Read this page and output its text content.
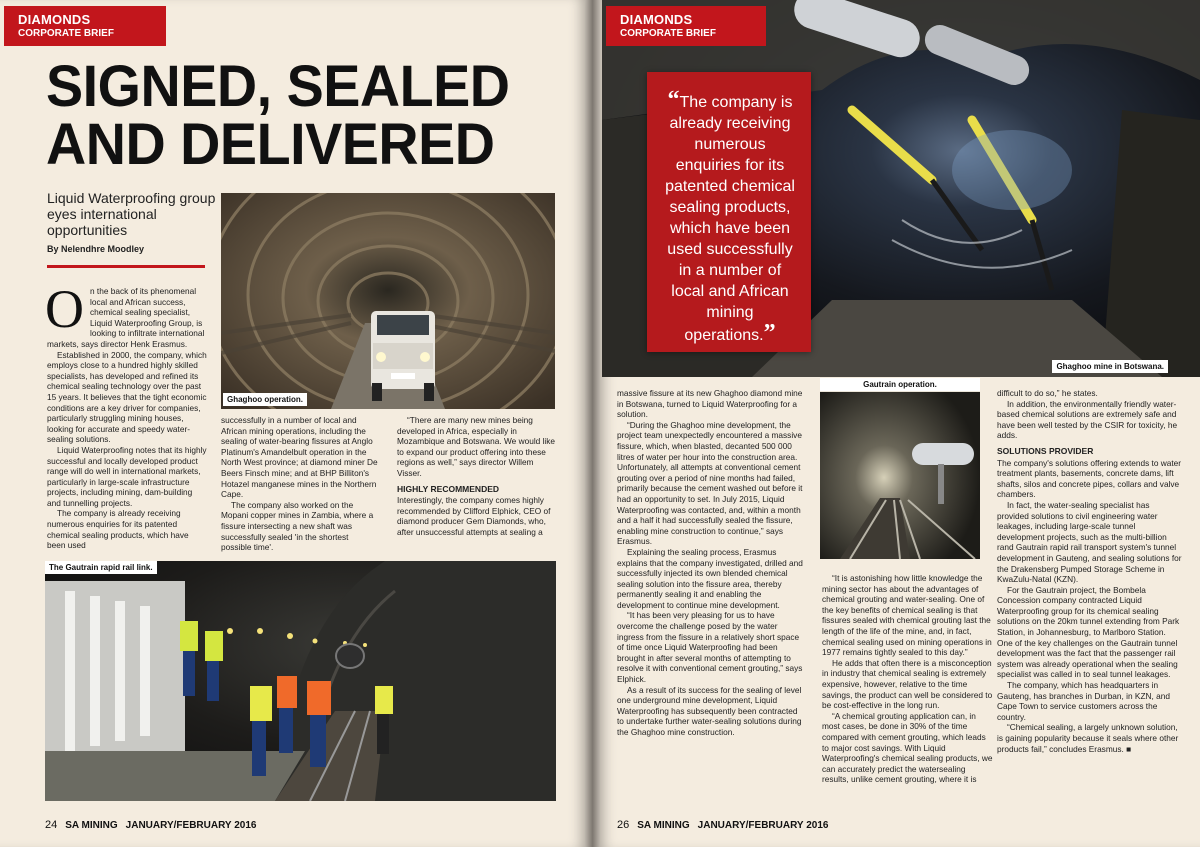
DIAMONDS
CORPORATE BRIEF
SIGNED, SEALED
AND DELIVERED
Liquid Waterproofing group eyes international opportunities
By Nelendhre Moodley
Ghaghoo operation.

On the back of its phenomenal local and African success, chemical sealing specialist, Liquid Waterproofing Group, is looking to infiltrate international markets, says director Henk Erasmus.

Established in 2000, the company, which employs close to a hundred highly skilled specialists, has developed and refined its chemical sealing technology over the past 15 years. It believes that the tight economic conditions are a key driver for companies, particularly struggling mining houses, looking for accurate and speedy water-sealing solutions.

Liquid Waterproofing notes that its highly successful and locally developed product range will do well in international markets, particularly in large-scale infrastructure projects, including mining, dam-building and tunnelling projects.

The company is already receiving numerous enquiries for its patented chemical sealing products, which have been used

successfully in a number of local and African mining operations, including the sealing of water-bearing fissures at Anglo Platinum's Amandelbult operation in the North West province; at diamond miner De Beers Finsch mine; and at BHP Billiton's Hotazel manganese mines in the Northern Cape.

The company also worked on the Mopani copper mines in Zambia, where a fissure intersecting a new shaft was successfully sealed 'in the shortest possible time'.

“There are many new mines being developed in Africa, especially in Mozambique and Botswana. We would like to expand our product offering into these regions as well,” says director Willem Visser.

HIGHLY RECOMMENDED

Interestingly, the company comes highly recommended by Clifford Elphick, CEO of diamond producer Gem Diamonds, who, after unsuccessful attempts at sealing a

The Gautrain rapid rail link.
24 SA MINING JANUARY/FEBRUARY 2016
Ghaghoo mine in Botswana.
DIAMONDS
CORPORATE BRIEF

massive fissure at its new Ghaghoo diamond mine in Botswana, turned to Liquid Waterproofing for a solution.

“During the Ghaghoo mine development, the project team unexpectedly encountered a massive fissure, which, when blasted, decanted 500 000 litres of water per hour into the construction area. Unfortunately, all attempts at conventional cement grouting over a period of nine months had failed, primarily because the cement washed out before it had an opportunity to set. In July 2015, Liquid Waterproofing was contacted, and, within a month and a half it had successfully sealed the fissure, enabling mine construction to continue,” says Erasmus.

Explaining the sealing process, Erasmus explains that the company investigated, drilled and successfully injected its own blended chemical sealing solution into the fissure area, thereby permanently sealing it and enabling the development to continue mine development.

“It has been very pleasing for us to have overcome the challenge posed by the water ingress from the fissure in a relatively short space of time once Liquid Waterproofing had been brought in after several months of attempting to resolve it with conventional cement grouting,” says Elphick.

As a result of its success for the sealing of level one underground mine development, Liquid Waterproofing has subsequently been contracted to undertake further water-sealing solutions during the Ghaghoo mine construction.

Gautrain operation.

“It is astonishing how little knowledge the mining sector has about the advantages of chemical grouting and water-sealing. One of the key benefits of chemical sealing is that fissures sealed with chemical grouting last the length of the life of the mine, and, in fact, chemical sealing used on mining operations in 1977 remains tightly sealed to this day.”

He adds that often there is a misconception in industry that chemical sealing is extremely expensive, however, relative to the time savings, the product can well be considered to be cost-effective in the long run.

“A chemical grouting application can, in most cases, be done in 30% of the time compared with cement grouting, which leads to major cost savings. With Liquid Waterproofing's chemical sealing products, we can accurately predict the watersealing results, unlike cement grouting, where it is

difficult to do so,” he states.

In addition, the environmentally friendly water-based chemical solutions are extremely safe and have been well tested by the CSIR for toxicity, he adds.

SOLUTIONS PROVIDER

The company's solutions offering extends to water treatment plants, basements, concrete dams, lift shafts, silos and concrete pipes, collars and valve chambers.

In fact, the water-sealing specialist has provided solutions to civil engineering water leakages, including large-scale tunnel development projects, such as the multi-billion rand Gautrain rapid rail transport system's tunnel development in Gauteng, and sealing solutions for the Drakensberg Pumped Storage Scheme in KwaZulu-Natal (KZN).

For the Gautrain project, the Bombela Concession company contracted Liquid Waterproofing group for its chemical sealing solutions on the 20km tunnel extending from Park Station, in Johannesburg, to Marlboro Station. One of the key challenges on the Gautrain tunnel development was the fact that the passenger rail system was already operational when the sealing specialist was called in to seal tunnel leakages.

The company, which has headquarters in Gauteng, has branches in Durban, in KZN, and Cape Town to service customers across the country.

“Chemical sealing, a largely unknown solution, is gaining popularity because it seals where other products fail,” concludes Erasmus. ■

26 SA MINING JANUARY/FEBRUARY 2016
“The company is already receiving numerous enquiries for its patented chemical sealing products, which have been used successfully in a number of local and African mining operations.”
